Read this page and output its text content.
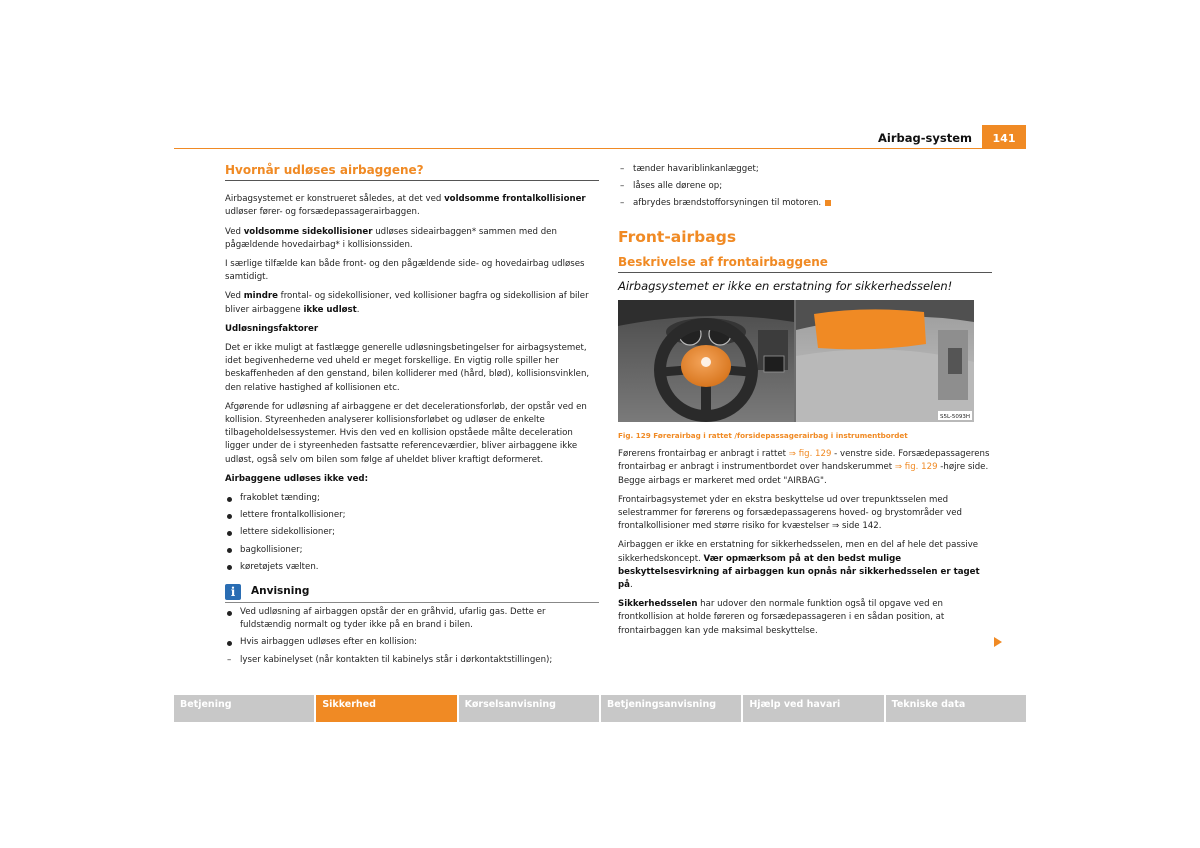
Airbag-system	141
Hvornår udløses airbaggene?

Airbagsystemet er konstrueret således, at det ved voldsomme frontalkollisioner udløser fører- og forsædepassagerairbaggen.

Ved voldsomme sidekollisioner udløses sideairbaggen* sammen med den pågældende hovedairbag* i kollisionssiden.

I særlige tilfælde kan både front- og den pågældende side- og hovedairbag udløses samtidigt.

Ved mindre frontal- og sidekollisioner, ved kollisioner bagfra og sidekollision af biler bliver airbaggene ikke udløst.

Udløsningsfaktorer

Det er ikke muligt at fastlægge generelle udløsningsbetingelser for airbagsystemet, idet begivenhederne ved uheld er meget forskellige. En vigtig rolle spiller her beskaffenheden af den genstand, bilen kolliderer med (hård, blød), kollisionsvinklen, den relative hastighed af kollisionen etc.

Afgørende for udløsning af airbaggene er det decelerationsforløb, der opstår ved en kollision. Styreenheden analyserer kollisionsforløbet og udløser de enkelte tilbageholdelsessystemer. Hvis den ved en kollision opståede målte deceleration ligger under de i styreenheden fastsatte referenceværdier, bliver airbaggene ikke udløst, også selv om bilen som følge af uheldet bliver kraftigt deformeret.

Airbaggene udløses ikke ved:

frakoblet tænding;
lettere frontalkollisioner;
lettere sidekollisioner;
bagkollisioner;
køretøjets vælten.
i	Anvisning
Ved udløsning af airbaggen opstår der en gråhvid, ufarlig gas. Dette er fuldstændig normalt og tyder ikke på en brand i bilen.
Hvis airbaggen udløses efter en kollision:
– lyser kabinelyset (når kontakten til kabinelys står i dørkontaktstillingen);
– tænder havariblinkanlægget;
– låses alle dørene op;
– afbrydes brændstofforsyningen til motoren.
Front-airbags
Beskrivelse af frontairbaggene

Airbagsystemet er ikke en erstatning for sikkerhedsselen!

S5L-5093H

Fig. 129 Førerairbag i rattet /forsidepassagerairbag i instrumentbordet

Førerens frontairbag er anbragt i rattet ⇒ fig. 129 - venstre side. Forsædepassagerens frontairbag er anbragt i instrumentbordet over handskerummet ⇒ fig. 129 -højre side. Begge airbags er markeret med ordet "AIRBAG".

Frontairbagsystemet yder en ekstra beskyttelse ud over trepunktsselen med selestrammer for førerens og forsædepassagerens hoved- og brystområder ved frontalkollisioner med større risiko for kvæstelser ⇒ side 142.

Airbaggen er ikke en erstatning for sikkerhedsselen, men en del af hele det passive sikkerhedskoncept. Vær opmærksom på at den bedst mulige beskyttelsesvirkning af airbaggen kun opnås når sikkerhedsselen er taget på.

Sikkerhedsselen har udover den normale funktion også til opgave ved en frontkollision at holde føreren og forsædepassageren i en sådan position, at frontairbaggen kan yde maksimal beskyttelse.

Betjening	Sikkerhed	Kørselsanvisning	Betjeningsanvisning	Hjælp ved havari	Tekniske data
